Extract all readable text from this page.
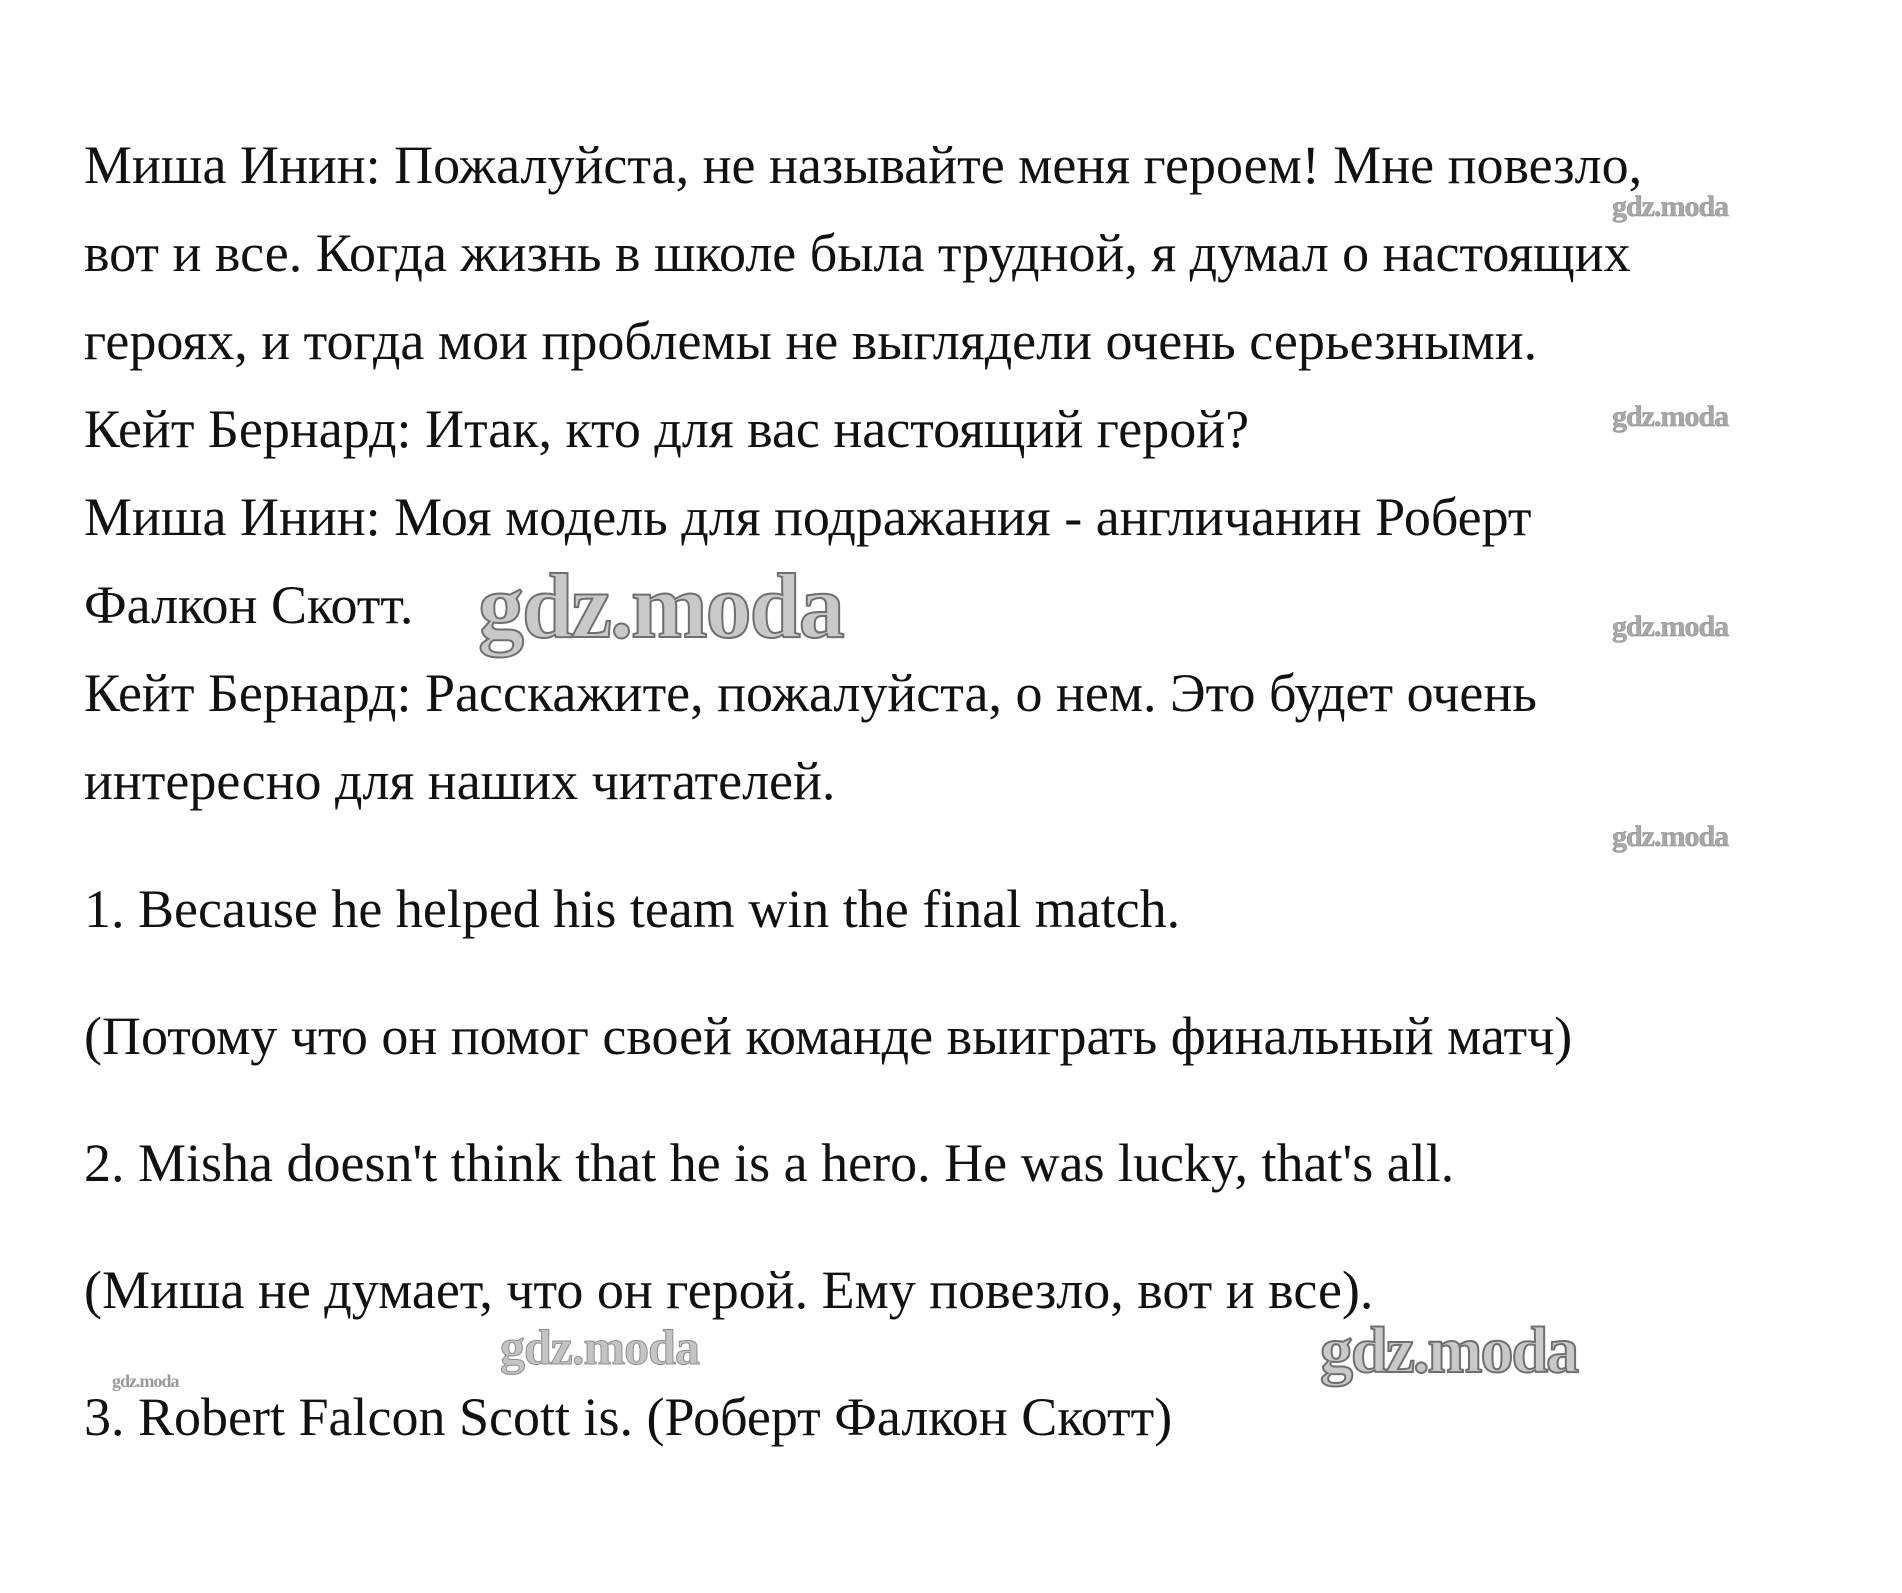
Миша Инин: Пожалуйста, не называйте меня героем! Мне повезло,
вот и все. Когда жизнь в школе была трудной, я думал о настоящих
героях, и тогда мои проблемы не выглядели очень серьезными.
Кейт Бернард: Итак, кто для вас настоящий герой?
Миша Инин: Моя модель для подражания - англичанин Роберт
Фалкон Скотт.
Кейт Бернард: Расскажите, пожалуйста, о нем. Это будет очень
интересно для наших читателей.
1. Because he helped his team win the final match.
(Потому что он помог своей команде выиграть финальный матч)
2. Misha doesn't think that he is a hero. He was lucky, that's all.
(Миша не думает, что он герой. Ему повезло, вот и все).
3. Robert Falcon Scott is. (Роберт Фалкон Скотт)
gdz.moda
gdz.moda
gdz.moda
gdz.moda
gdz.moda
gdz.moda	gdz.moda
gdz.moda
